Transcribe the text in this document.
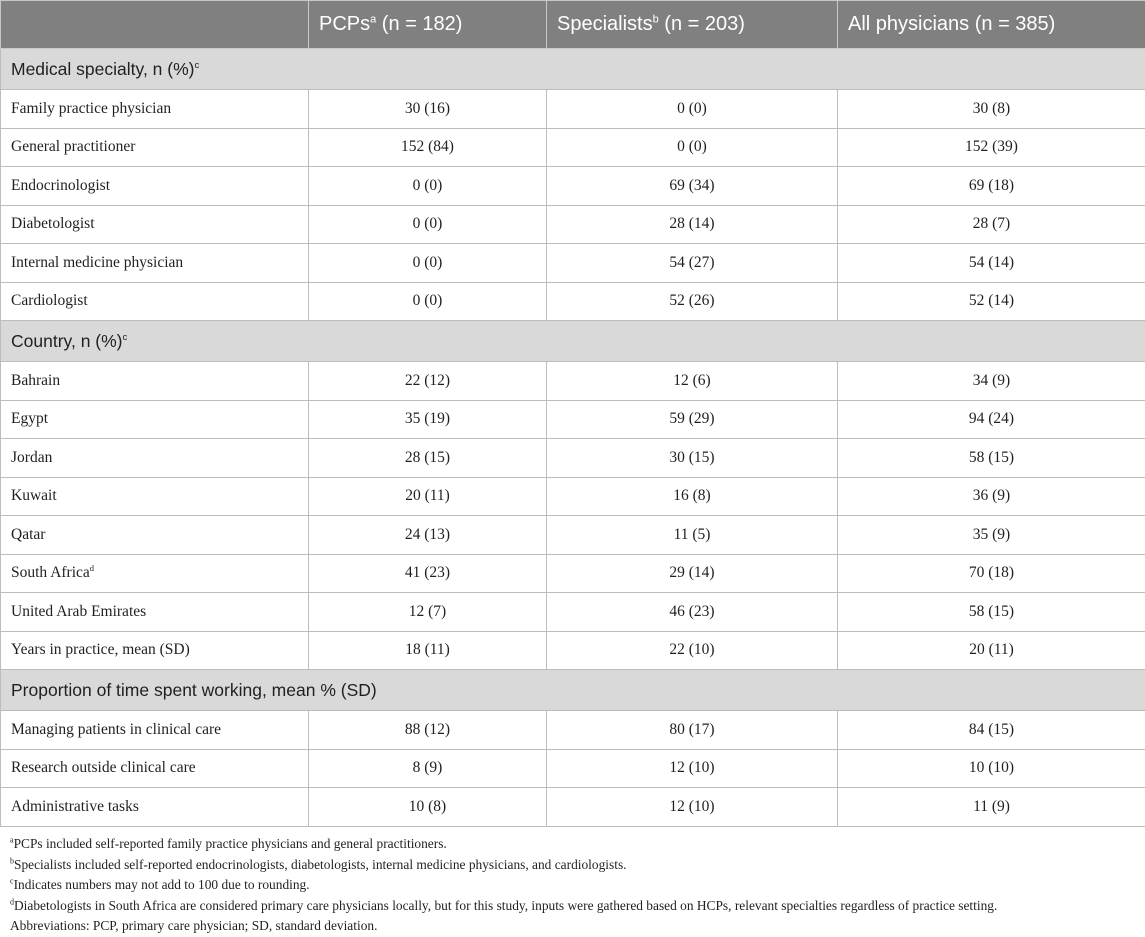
	PCPs$^a$ (n = 182)	Specialists$^b$ (n = 203)	All physicians (n = 385)
Medical specialty, n (%)$^c$
Family practice physician	30 (16)	0 (0)	30 (8)
General practitioner	152 (84)	0 (0)	152 (39)
Endocrinologist	0 (0)	69 (34)	69 (18)
Diabetologist	0 (0)	28 (14)	28 (7)
Internal medicine physician	0 (0)	54 (27)	54 (14)
Cardiologist	0 (0)	52 (26)	52 (14)
Country, n (%)$^c$
Bahrain	22 (12)	12 (6)	34 (9)
Egypt	35 (19)	59 (29)	94 (24)
Jordan	28 (15)	30 (15)	58 (15)
Kuwait	20 (11)	16 (8)	36 (9)
Qatar	24 (13)	11 (5)	35 (9)
South Africa$^d$	41 (23)	29 (14)	70 (18)
United Arab Emirates	12 (7)	46 (23)	58 (15)
Years in practice, mean (SD)	18 (11)	22 (10)	20 (11)
Proportion of time spent working, mean % (SD)			
Managing patients in clinical care	88 (12)	80 (17)	84 (15)
Research outside clinical care	8 (9)	12 (10)	10 (10)
Administrative tasks	10 (8)	12 (10)	11 (9)
$^a$PCPs included self-reported family practice physicians and general practitioners.
$^b$Specialists included self-reported endocrinologists, diabetologists, internal medicine physicians, and cardiologists.
$^c$Indicates numbers may not add to 100 due to rounding.
$^d$Diabetologists in South Africa are considered primary care physicians locally, but for this study, inputs were gathered based on HCPs, relevant specialties regardless of practice setting.
Abbreviations: PCP, primary care physician; SD, standard deviation.
